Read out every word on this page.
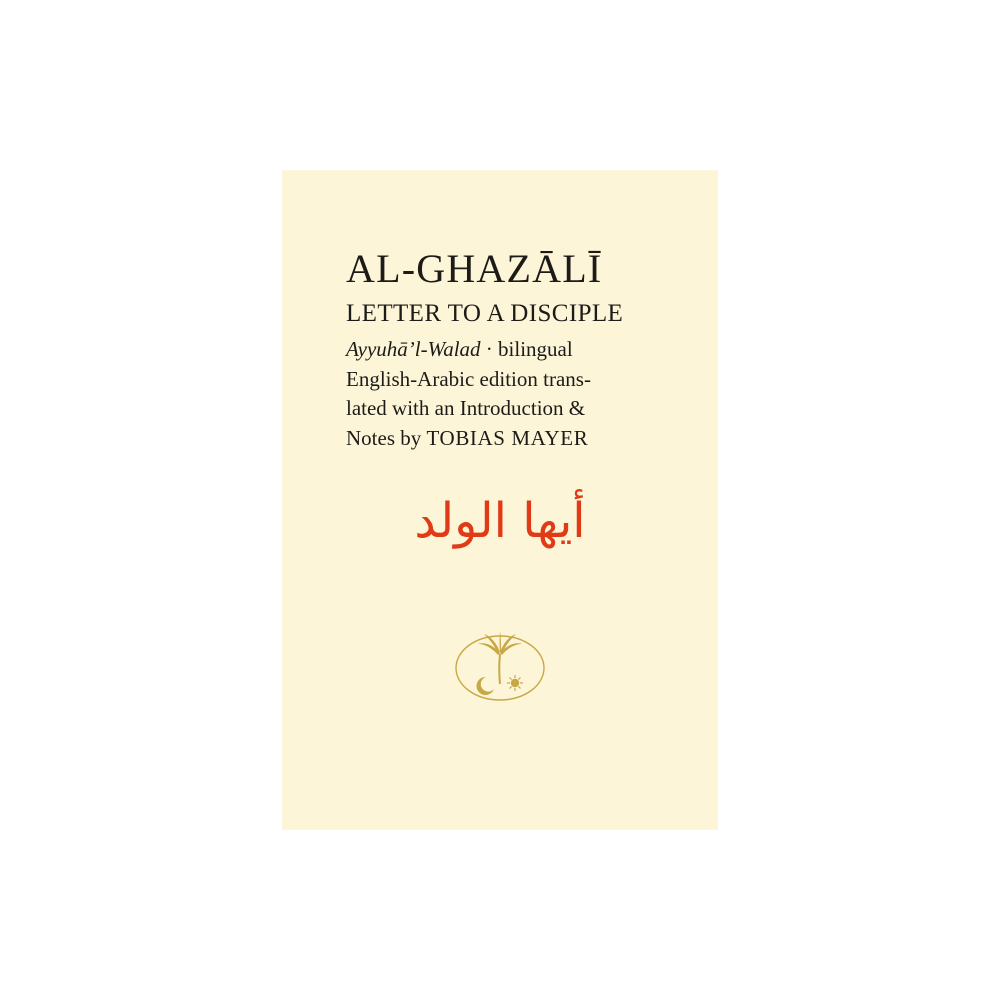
AL-GHAZĀLĪ
LETTER TO A DISCIPLE
Ayyuhā’l-Walad · bilingual
English-Arabic edition trans-
lated with an Introduction &
Notes by TOBIAS MAYER
أيها الولد
